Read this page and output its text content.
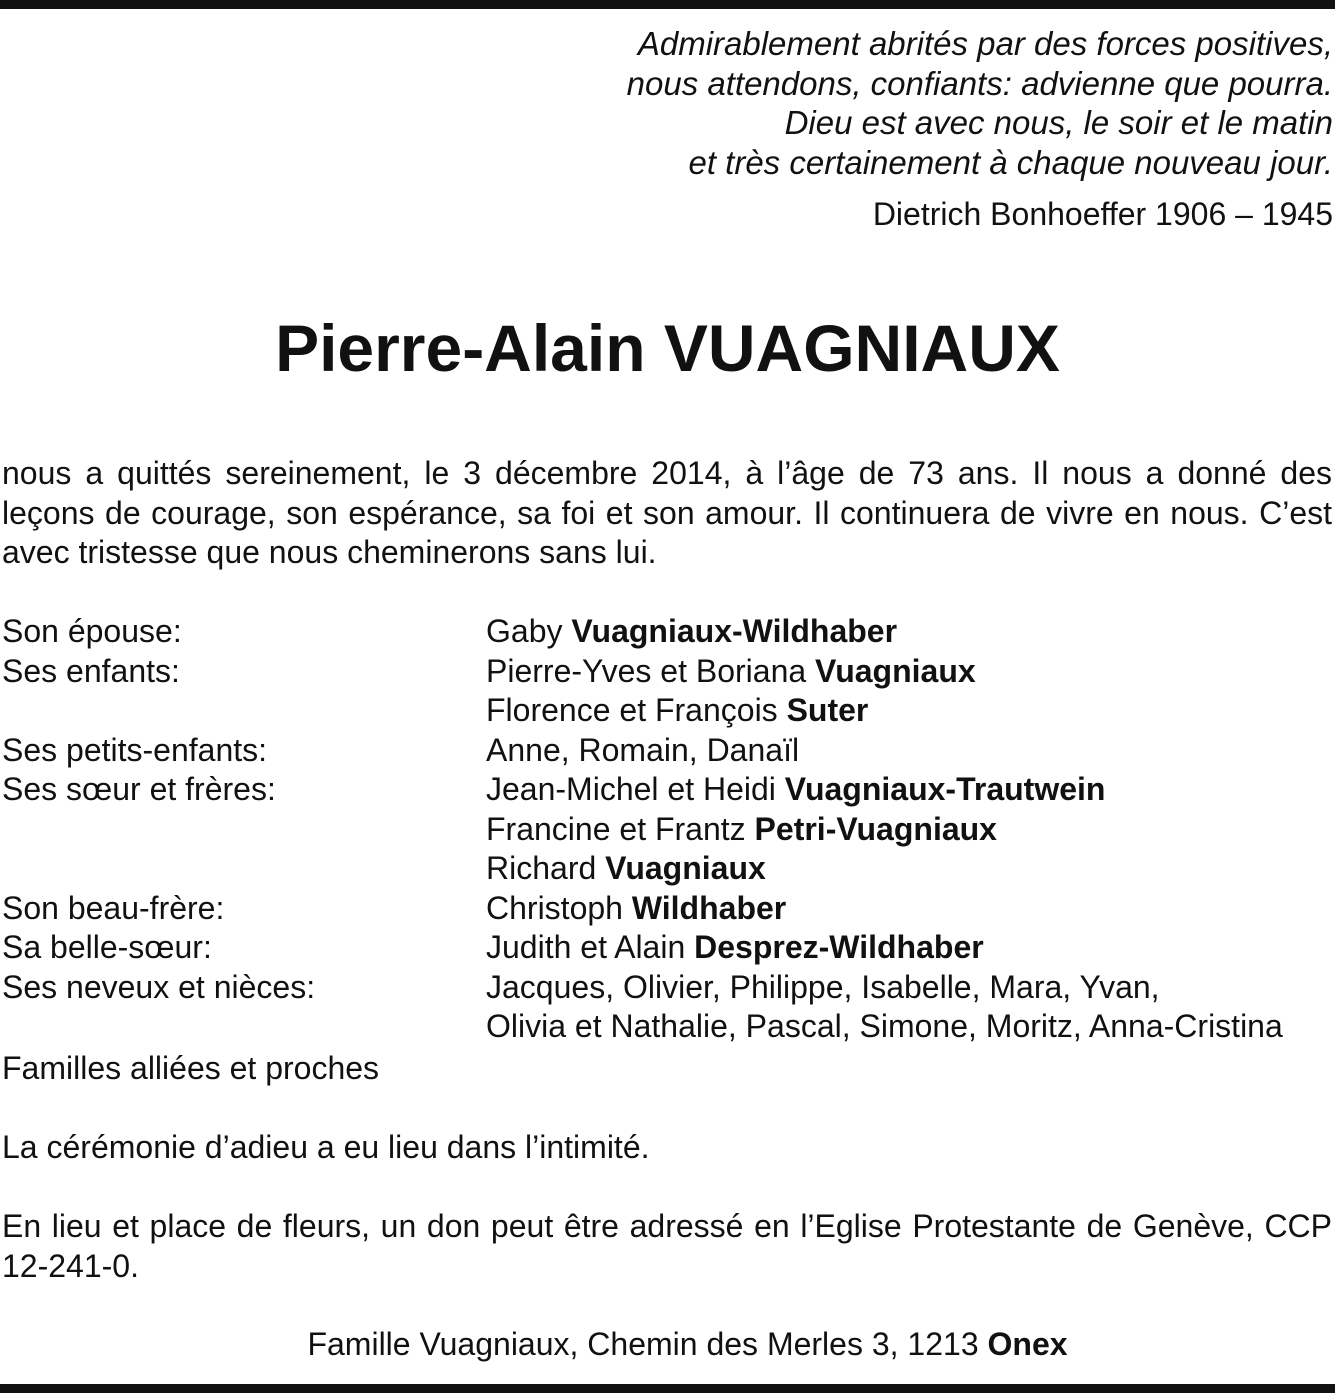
Admirablement abrités par des forces positives,
nous attendons, confiants: advienne que pourra.
Dieu est avec nous, le soir et le matin
et très certainement à chaque nouveau jour.
Dietrich Bonhoeffer 1906 – 1945
Pierre-Alain VUAGNIAUX
nous a quittés sereinement, le 3 décembre 2014, à l’âge de 73 ans. Il nous a donné des leçons de courage, son espérance, sa foi et son amour. Il continuera de vivre en nous. C’est avec tristesse que nous cheminerons sans lui.
Son épouse:	Gaby Vuagniaux-Wildhaber
Ses enfants:	Pierre-Yves et Boriana Vuagniaux
Florence et François Suter
Ses petits-enfants:	Anne, Romain, Danaïl
Ses sœur et frères:	Jean-Michel et Heidi Vuagniaux-Trautwein
Francine et Frantz Petri-Vuagniaux
Richard Vuagniaux
Son beau-frère:	Christoph Wildhaber
Sa belle-sœur:	Judith et Alain Desprez-Wildhaber
Ses neveux et nièces:	Jacques, Olivier, Philippe, Isabelle, Mara, Yvan,
Olivia et Nathalie, Pascal, Simone, Moritz, Anna-Cristina
Familles alliées et proches
La cérémonie d’adieu a eu lieu dans l’intimité.
En lieu et place de fleurs, un don peut être adressé en l’Eglise Protestante de Genève, CCP 12-241-0.
Famille Vuagniaux, Chemin des Merles 3, 1213 Onex
